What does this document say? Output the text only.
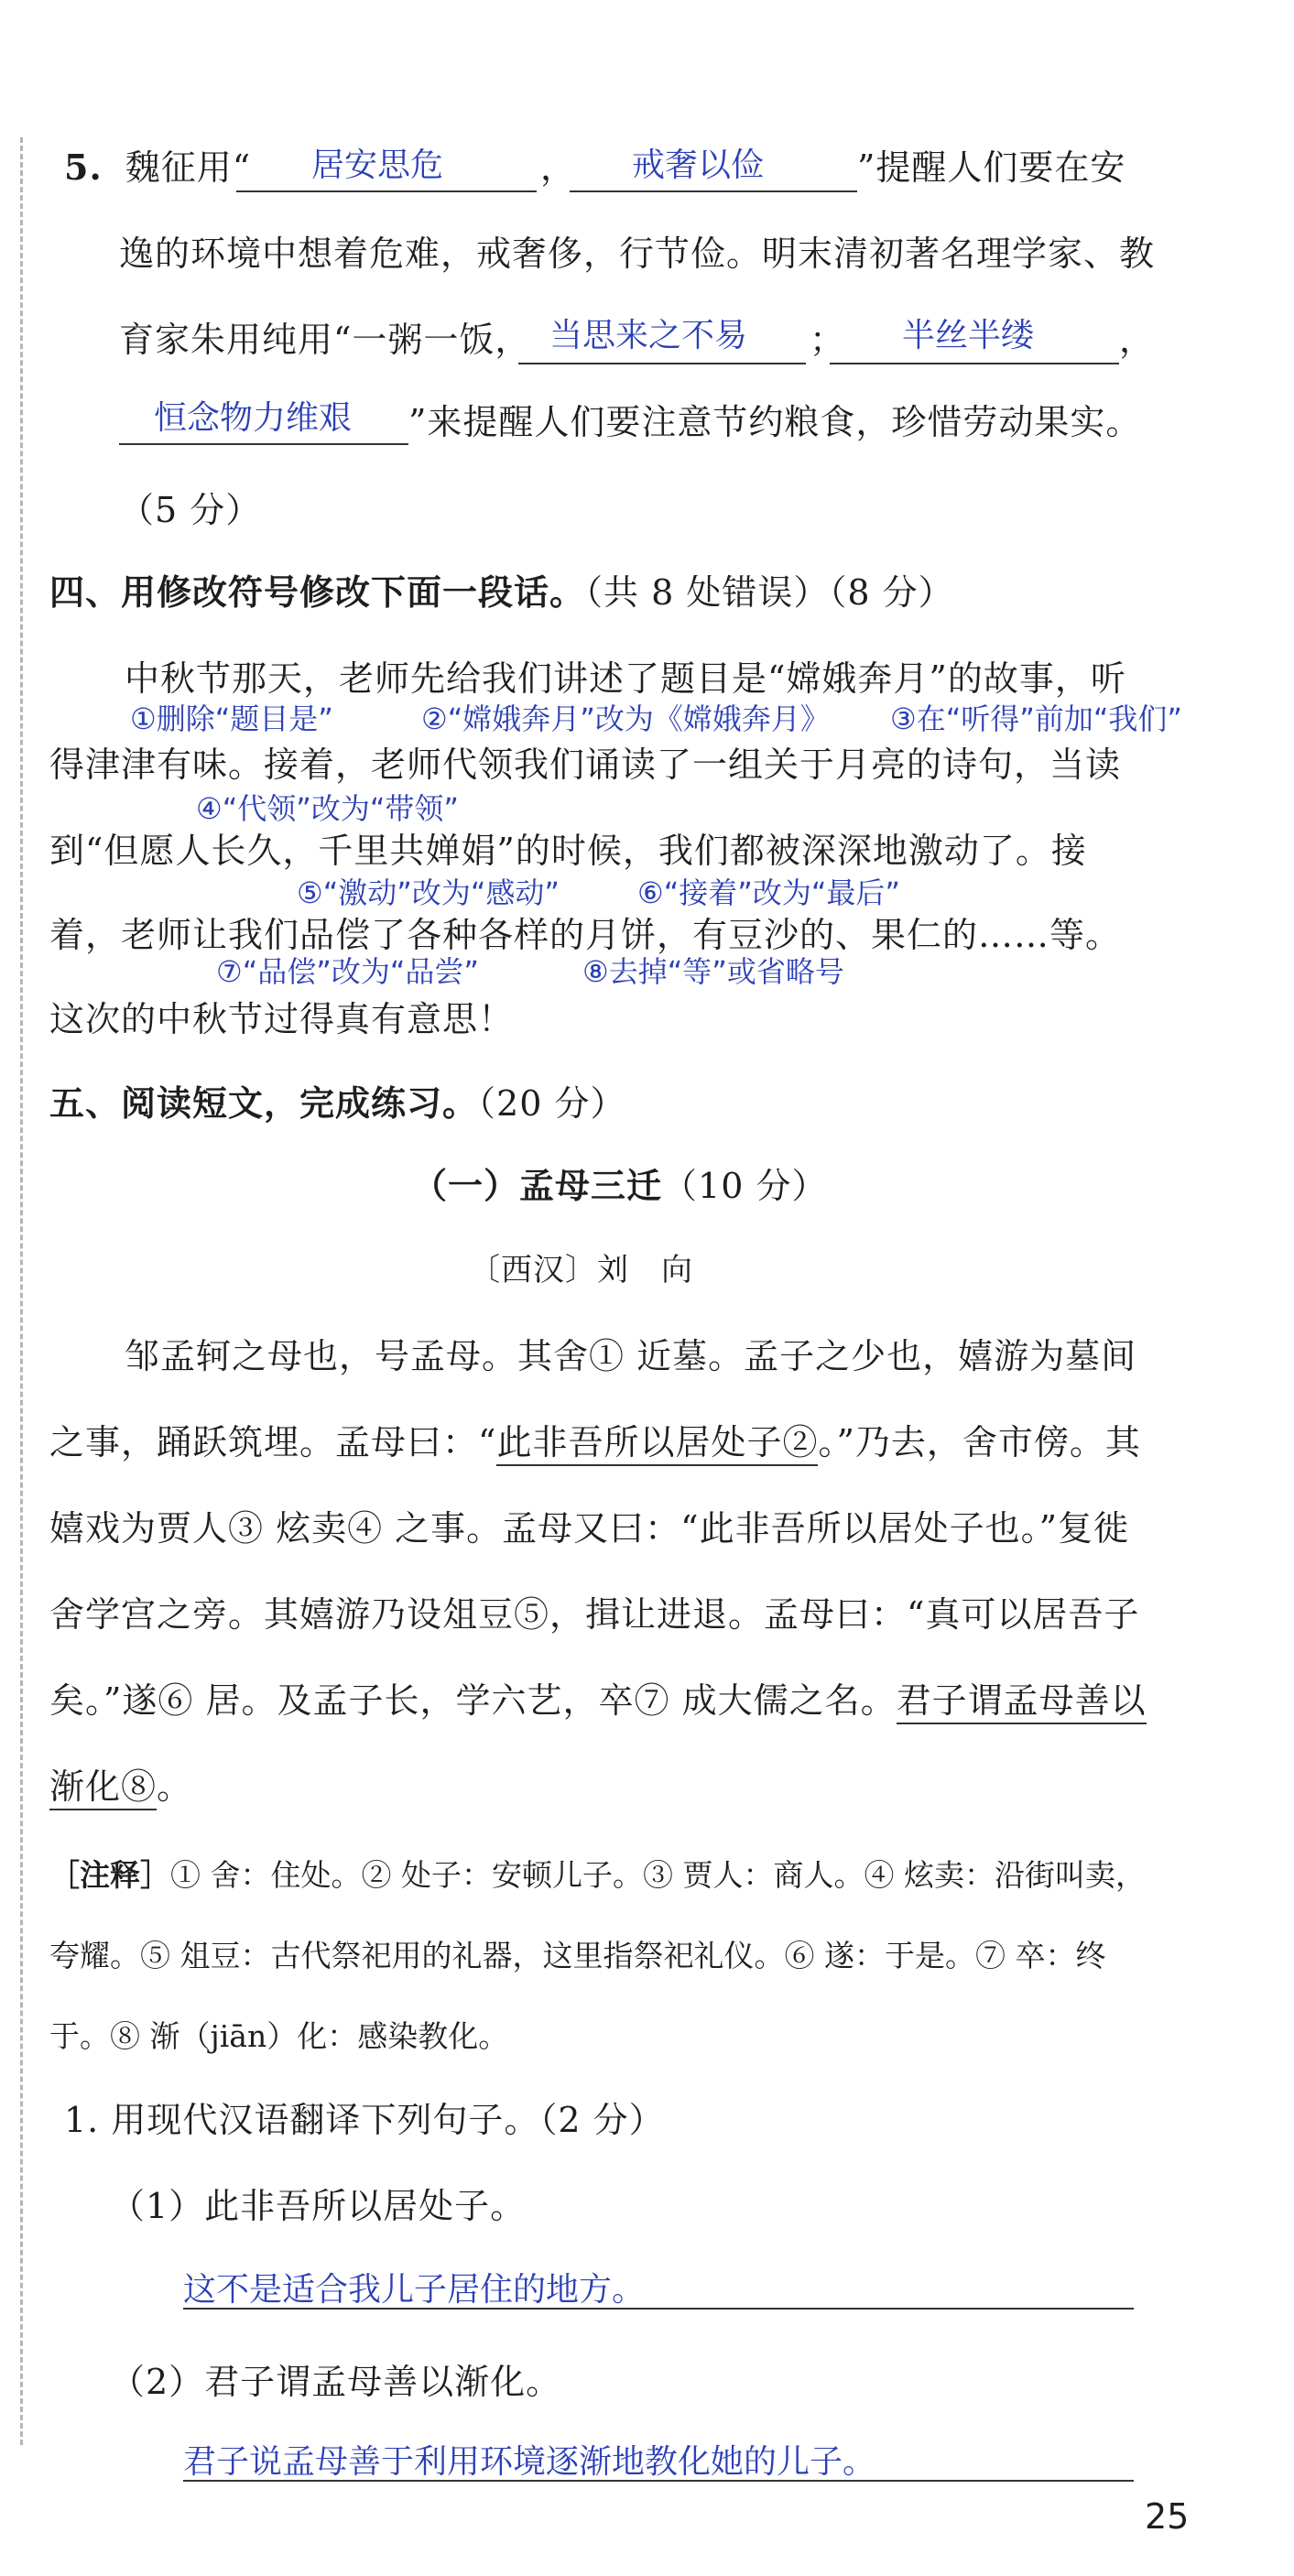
5. 魏征用“ 居安思危	， 戒奢以俭	”提醒人们要在安
逸的环境中想着危难，戒奢侈，行节俭。明末清初著名理学家、教
育家朱用纯用“一粥一饭， 当思来之不易 ； 半丝半缕 ，
恒念物力维艰 ”来提醒人们要注意节约粮食，珍惜劳动果实。
（5 分）
四、用修改符号修改下面一段话。（共 8 处错误）（8 分）
中秋节那天，老师先给我们讲述了题目是“嫦娥奔月”的故事，听
①删除“题目是”	②“嫦娥奔月”改为《嫦娥奔月》 ③在“听得”前加“我们”
得津津有味。接着，老师代领我们诵读了一组关于月亮的诗句，当读
④“代领”改为“带领”
到“但愿人长久，千里共婵娟”的时候，我们都被深深地激动了。接
⑤“激动”改为“感动”	⑥“接着”改为“最后”
着，老师让我们品偿了各种各样的月饼，有豆沙的、果仁的……等。
⑦“品偿”改为“品尝”	⑧去掉“等”或省略号
这次的中秋节过得真有意思！
五、阅读短文，完成练习。（20 分）
（一）孟母三迁（10 分）
〔西汉〕刘　向
邹孟轲之母也，号孟母。其舍① 近墓。孟子之少也，嬉游为墓间
之事，踊跃筑埋。孟母曰：“此非吾所以居处子②。”乃去，舍市傍。其
嬉戏为贾人③ 炫卖④ 之事。孟母又曰：“此非吾所以居处子也。”复徙
舍学宫之旁。其嬉游乃设俎豆⑤，揖让进退。孟母曰：“真可以居吾子
矣。”遂⑥ 居。及孟子长，学六艺，卒⑦ 成大儒之名。君子谓孟母善以
渐化⑧。
［注释］① 舍：住处。② 处子：安顿儿子。③ 贾人：商人。④ 炫卖：沿街叫卖，
夸耀。⑤ 俎豆：古代祭祀用的礼器，这里指祭祀礼仪。⑥ 遂：于是。⑦ 卒：终
于。⑧ 渐（jiān）化：感染教化。
1. 用现代汉语翻译下列句子。（2 分）
（1）此非吾所以居处子。
这不是适合我儿子居住的地方。
（2）君子谓孟母善以渐化。
君子说孟母善于利用环境逐渐地教化她的儿子。
25
